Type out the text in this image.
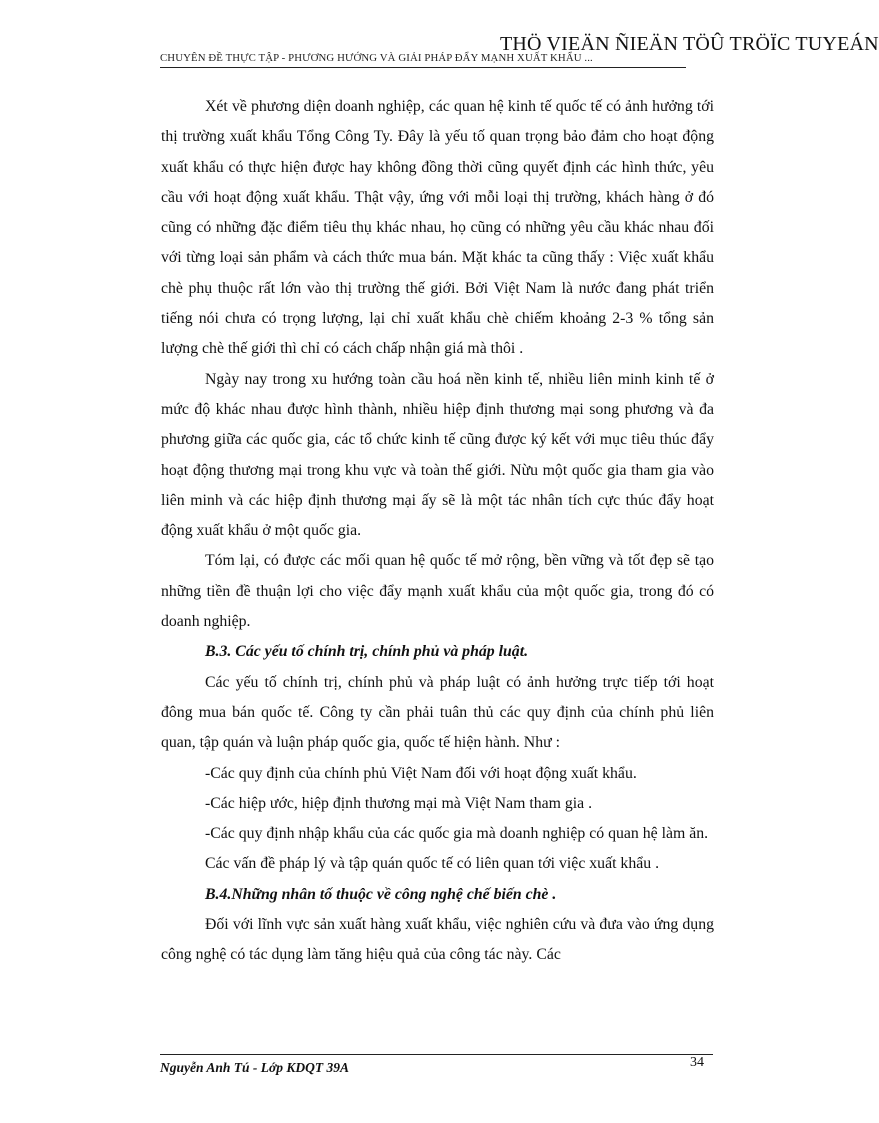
THÖ VIEÄN ÑIEÄN TÖÛ TRÖÏC TUYEÁN
CHUYÊN ĐỀ THỰC TẬP - PHƯƠNG HƯỚNG VÀ GIẢI PHÁP ĐẨY MẠNH XUẤT KHẨU ...

Xét về phương diện doanh nghiệp, các quan hệ kinh tế quốc tế có ảnh hưởng tới thị trường xuất khẩu Tổng Công Ty. Đây là yếu tố quan trọng bảo đảm cho hoạt động xuất khẩu có thực hiện được hay không đồng thời cũng quyết định các hình thức, yêu cầu với hoạt động xuất khẩu. Thật vậy, ứng với mỗi loại thị trường, khách hàng ở đó cũng có những đặc điểm tiêu thụ khác nhau, họ cũng có những yêu cầu khác nhau đối với từng loại sản phẩm và cách thức mua bán. Mặt khác ta cũng thấy : Việc xuất khẩu chè phụ thuộc rất lớn vào thị trường thế giới. Bởi Việt Nam là nước đang phát triển tiếng nói chưa có trọng lượng, lại chỉ xuất khẩu chè chiếm khoảng 2-3 % tổng sản lượng chè thế giới thì chỉ có cách chấp nhận giá mà thôi .

Ngày nay trong xu hướng toàn cầu hoá nền kinh tế, nhiều liên minh kinh tế ở mức độ khác nhau được hình thành, nhiều hiệp định thương mại song phương và đa phương giữa các quốc gia, các tổ chức kinh tế cũng được ký kết với mục tiêu thúc đẩy hoạt động thương mại trong khu vực và toàn thế giới. Nừu một quốc gia tham gia vào liên minh và các hiệp định thương mại ấy sẽ là một tác nhân tích cực thúc đẩy hoạt động xuất khẩu ở một quốc gia.

Tóm lại, có được các mối quan hệ quốc tế mở rộng, bền vững và tốt đẹp sẽ tạo những tiền đề thuận lợi cho việc đẩy mạnh xuất khẩu của một quốc gia, trong đó có doanh nghiệp.

B.3. Các yếu tố chính trị, chính phủ và pháp luật.

Các yếu tố chính trị, chính phủ và pháp luật có ảnh hưởng trực tiếp tới hoạt đông mua bán quốc tế. Công ty cần phải tuân thủ các quy định của chính phủ liên quan, tập quán và luận pháp quốc gia, quốc tế hiện hành. Như :

-Các quy định của chính phủ Việt Nam đối với hoạt động xuất khẩu.

-Các hiệp ước, hiệp định thương mại mà Việt Nam tham gia .

-Các quy định nhập khẩu của các quốc gia mà doanh nghiệp có quan hệ làm ăn.

Các vấn đề pháp lý và tập quán quốc tế có liên quan tới việc xuất khẩu .

B.4.Những nhân tố thuộc về công nghệ chế biến chè .

Đối với lĩnh vực sản xuất hàng xuất khẩu, việc nghiên cứu và đưa vào ứng dụng công nghệ có tác dụng làm tăng hiệu quả của công tác này. Các

Nguyễn Anh Tú - Lớp KDQT 39A	34
